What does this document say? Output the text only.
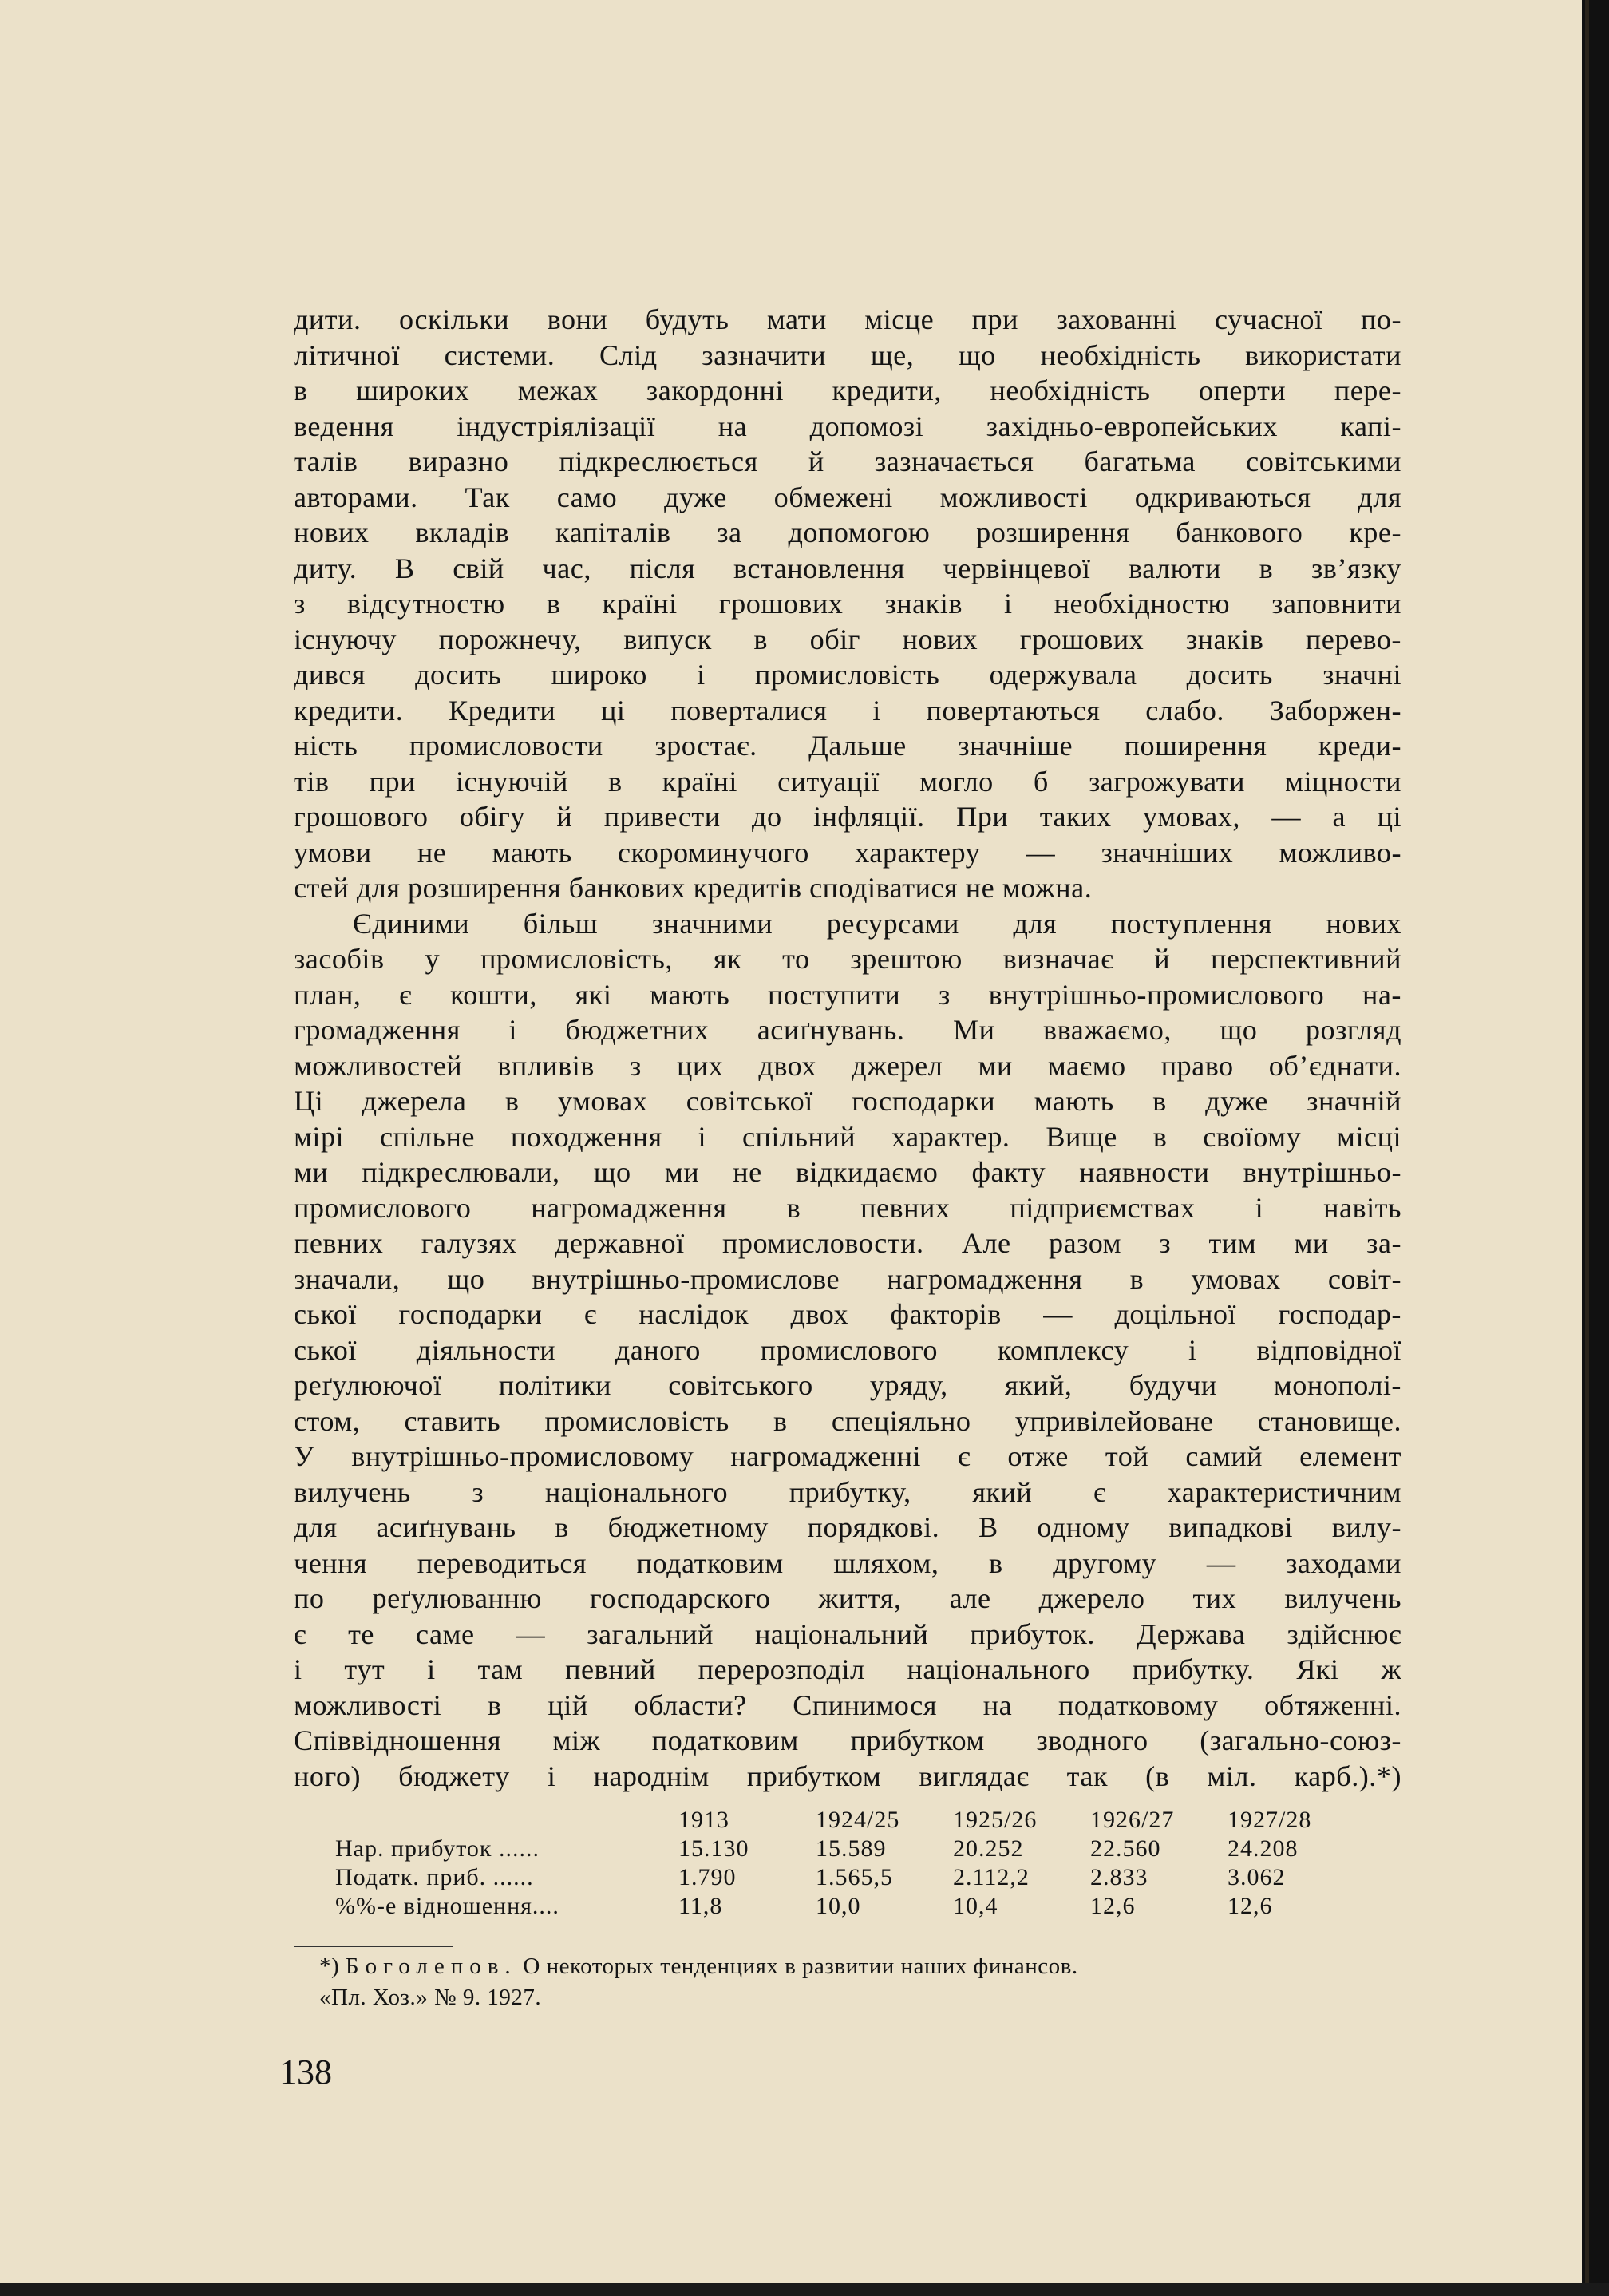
дити. оскільки вони будуть мати місце при захованні сучасної по-
літичної системи. Слід зазначити ще, що необхідність використати
в широких межах закордонні кредити, необхідність оперти пере-
ведення індустріялізації на допомозі західньо-европейських капі-
талів виразно підкреслюється й зазначається багатьма совітськими
авторами. Так само дуже обмежені можливості одкриваються для
нових вкладів капіталів за допомогою розширення банкового кре-
диту. В свій час, після встановлення червінцевої валюти в зв’язку
з відсутностю в країні грошових знаків і необхідностю заповнити
існуючу порожнечу, випуск в обіг нових грошових знаків перево-
дився досить широко і промисловість одержувала досить значні
кредити. Кредити ці поверталися і повертаються слабо. Заборжен-
ність промисловости зростає. Дальше значніше поширення креди-
тів при існуючій в країні ситуації могло б загрожувати міцности
грошового обігу й привести до інфляції. При таких умовах, — а ці
умови не мають скороминучого характеру — значніших можливо-
стей для розширення банкових кредитів сподіватися не можна.
Єдиними більш значними ресурсами для поступлення нових
засобів у промисловість, як то зрештою визначає й перспективний
план, є кошти, які мають поступити з внутрішньо-промислового на-
громадження і бюджетних асиґнувань. Ми вважаємо, що розгляд
можливостей впливів з цих двох джерел ми маємо право об’єднати.
Ці джерела в умовах совітської господарки мають в дуже значній
мірі спільне походження і спільний характер. Вище в своїому місці
ми підкреслювали, що ми не відкидаємо факту наявности внутрішньо-
промислового нагромадження в певних підприємствах і навіть
певних галузях державної промисловости. Але разом з тим ми за-
значали, що внутрішньо-промислове нагромадження в умовах совіт-
ської господарки є наслідок двох факторів — доцільної господар-
ської діяльности даного промислового комплексу і відповідної
реґулюючої політики совітського уряду, який, будучи монополі-
стом, ставить промисловість в спеціяльно упривілейоване становище.
У внутрішньо-промисловому нагромадженні є отже той самий елемент
вилучень з національного прибутку, який є характеристичним
для асиґнувань в бюджетному порядкові. В одному випадкові вилу-
чення переводиться податковим шляхом, в другому — заходами
по реґулюванню господарского життя, але джерело тих вилучень
є те саме — загальний національний прибуток. Держава здійснює
і тут і там певний перерозподіл національного прибутку. Які ж
можливості в цій области? Спинимося на податковому обтяженні.
Співвідношення між податковим прибутком зводного (загально-союз-
ного) бюджету і народнім прибутком виглядає так (в міл. карб.).*)
	1913	1924/25	1925/26	1926/27	1927/28
Нар. прибуток ......	15.130	15.589	20.252	22.560	24.208
Податк. приб. ......	1.790	1.565,5	2.112,2	2.833	3.062
%%-е відношення....	11,8	10,0	10,4	12,6	12,6
*) Боголепов. О некоторых тенденциях в развитии наших финансов.
«Пл. Хоз.» № 9. 1927.
138
